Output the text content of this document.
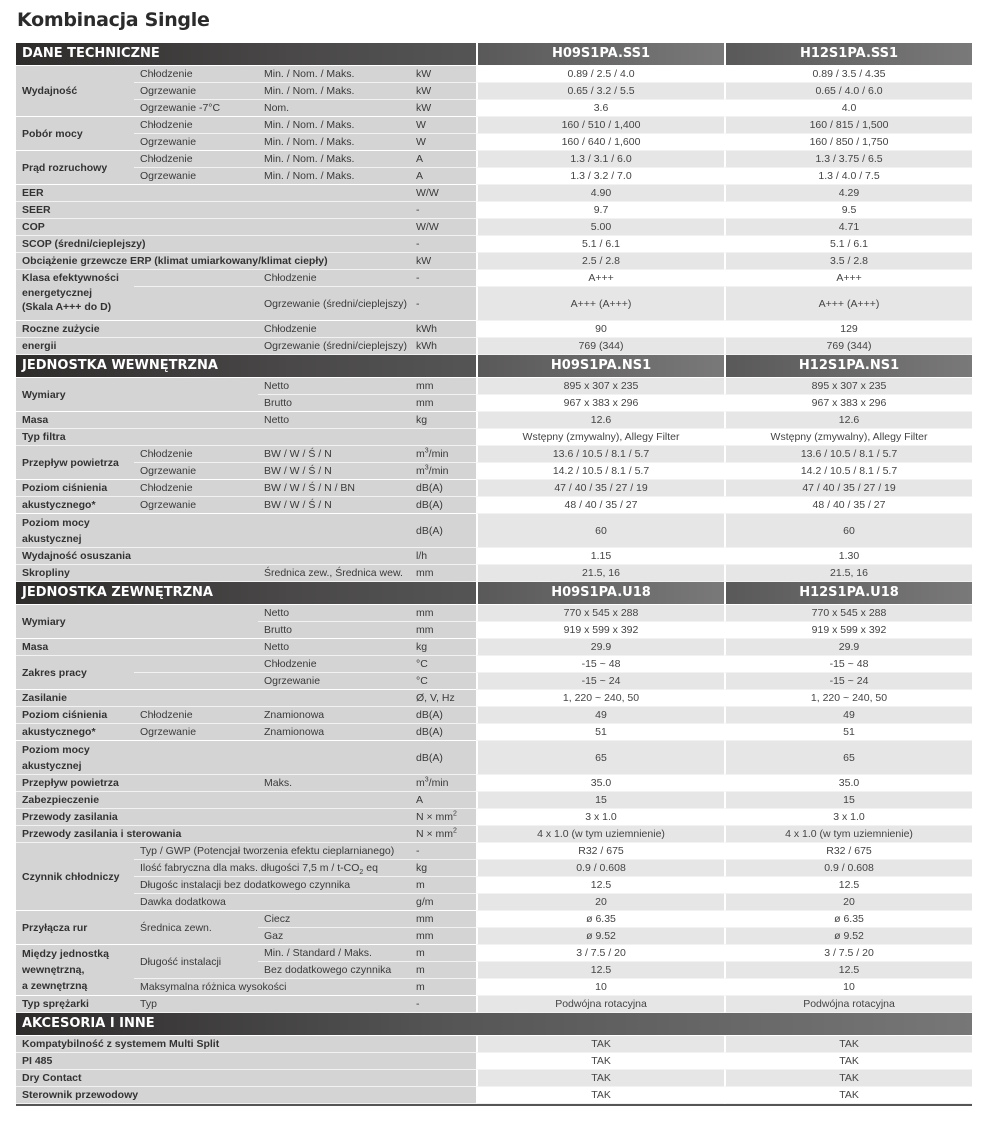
Kombinacja Single
DANE TECHNICZNE				H09S1PA.SS1	H12S1PA.SS1
Wydajność	Chłodzenie	Min. / Nom. / Maks.	kW	0.89 / 2.5 / 4.0	0.89 / 3.5 / 4.35
	Ogrzewanie	Min. / Nom. / Maks.	kW	0.65 / 3.2 / 5.5	0.65 / 4.0 / 6.0
	Ogrzewanie -7°C	Nom.	kW	3.6	4.0
Pobór mocy	Chłodzenie	Min. / Nom. / Maks.	W	160 / 510 / 1,400	160 / 815 / 1,500
	Ogrzewanie	Min. / Nom. / Maks.	W	160 / 640 / 1,600	160 / 850 / 1,750
Prąd rozruchowy	Chłodzenie	Min. / Nom. / Maks.	A	1.3 / 3.1 / 6.0	1.3 / 3.75 / 6.5
	Ogrzewanie	Min. / Nom. / Maks.	A	1.3 / 3.2 / 7.0	1.3 / 4.0 / 7.5
EER			W/W	4.90	4.29
SEER			-	9.7	9.5
COP			W/W	5.00	4.71
SCOP (średni/cieplejszy)			-	5.1 / 6.1	5.1 / 6.1
Obciążenie grzewcze ERP (klimat umiarkowany/klimat ciepły)			kW	2.5 / 2.8	3.5 / 2.8
Klasa efektywności
energetycznej
(Skala A+++ do D)		Chłodzenie	-	A+++	A+++
		Ogrzewanie (średni/cieplejszy)	-	A+++ (A+++)	A+++ (A+++)
Roczne zużycie		Chłodzenie	kWh	90	129
energii		Ogrzewanie (średni/cieplejszy)	kWh	769 (344)	769 (344)
JEDNOSTKA WEWNĘTRZNA				H09S1PA.NS1	H12S1PA.NS1
Wymiary		Netto	mm	895 x 307 x 235	895 x 307 x 235
		Brutto	mm	967 x 383 x 296	967 x 383 x 296
Masa		Netto	kg	12.6	12.6
Typ filtra				Wstępny (zmywalny), Allegy Filter	Wstępny (zmywalny), Allegy Filter
Przepływ powietrza	Chłodzenie	BW / W / Ś / N	$m^3/\min$	13.6 / 10.5 / 8.1 / 5.7	13.6 / 10.5 / 8.1 / 5.7
	Ogrzewanie	BW / W / Ś / N	$m^3/\min$	14.2 / 10.5 / 8.1 / 5.7	14.2 / 10.5 / 8.1 / 5.7
Poziom ciśnienia	Chłodzenie	BW / W / Ś / N / BN	dB(A)	47 / 40 / 35 / 27 / 19	47 / 40 / 35 / 27 / 19
akustycznego*	Ogrzewanie	BW / W / Ś / N	dB(A)	48 / 40 / 35 / 27	48 / 40 / 35 / 27
Poziom mocy
akustycznej			dB(A)	60	60
Wydajność osuszania			l/h	1.15	1.30
Skropliny		Średnica zew., Średnica wew.	mm	21.5, 16	21.5, 16
JEDNOSTKA ZEWNĘTRZNA				H09S1PA.U18	H12S1PA.U18
Wymiary		Netto	mm	770 x 545 x 288	770 x 545 x 288
		Brutto	mm	919 x 599 x 392	919 x 599 x 392
Masa		Netto	kg	29.9	29.9
Zakres pracy		Chłodzenie	°C	-15 ~ 48	-15 ~ 48
		Ogrzewanie	°C	-15 ~ 24	-15 ~ 24
Zasilanie			Ø, V, Hz	1, 220 ~ 240, 50	1, 220 ~ 240, 50
Poziom ciśnienia	Chłodzenie	Znamionowa	dB(A)	49	49
akustycznego*	Ogrzewanie	Znamionowa	dB(A)	51	51
Poziom mocy
akustycznej			dB(A)	65	65
Przepływ powietrza		Maks.	$m^3/\min$	35.0	35.0
Zabezpieczenie			A	15	15
Przewody zasilania			$N \times mm^2$	3 x 1.0	3 x 1.0
Przewody zasilania i sterowania			$N \times mm^2$	4 x 1.0 (w tym uziemnienie)	4 x 1.0 (w tym uziemnienie)
Czynnik chłodniczy	Typ / GWP (Potencjał tworzenia efektu cieplarnianego)		-	R32 / 675	R32 / 675
	Ilość fabryczna dla maks. długości 7,5 m / $t-CO_2$ eq		kg	0.9 / 0.608	0.9 / 0.608
	Długośc instalacji bez dodatkowego czynnika		m	12.5	12.5
	Dawka dodatkowa		g/m	20	20
Przyłącza rur	Średnica zewn.	Ciecz	mm	ø 6.35	ø 6.35
		Gaz	mm	ø 9.52	ø 9.52
Między jednostką
wewnętrzną,
a zewnętrzną	Długość instalacji	Min. / Standard / Maks.	m	3 / 7.5 / 20	3 / 7.5 / 20
		Bez dodatkowego czynnika	m	12.5	12.5
	Maksymalna różnica wysokości		m	10	10
Typ sprężarki	Typ		-	Podwójna rotacyjna	Podwójna rotacyjna
AKCESORIA I INNE					
Kompatybilność z systemem Multi Split				TAK	TAK
PI 485				TAK	TAK
Dry Contact				TAK	TAK
Sterownik przewodowy				TAK	TAK
